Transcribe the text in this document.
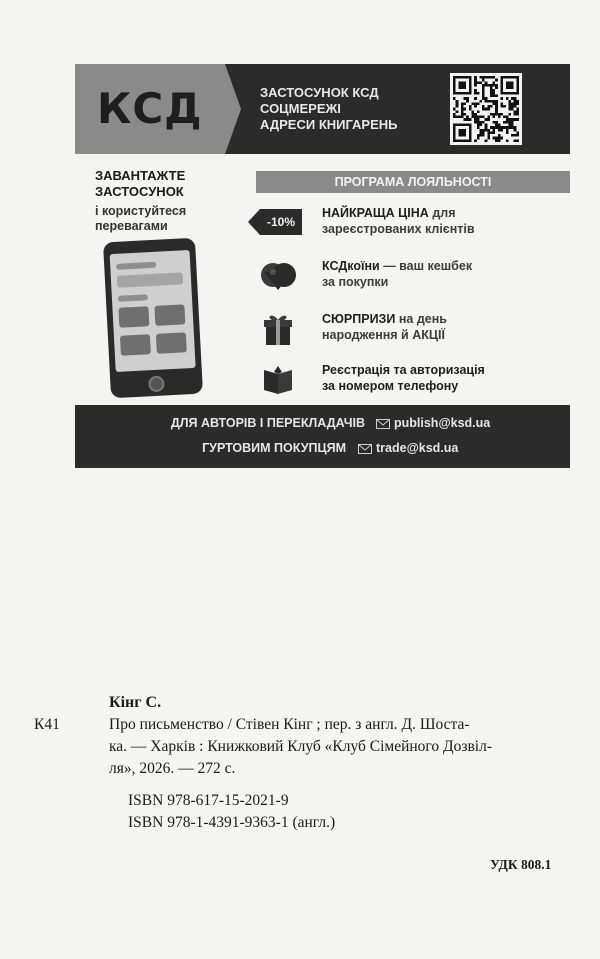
КСД	ЗАСТОСУНОК КСД
СОЦМЕРЕЖІ
АДРЕСИ КНИГАРЕНЬ
ЗАВАНТАЖТЕ
ЗАСТОСУНОК
і користуйтеся
перевагами
ПРОГРАМА ЛОЯЛЬНОСТІ
-10%
НАЙКРАЩА ЦІНА для
зареєстрованих клієнтів
КСДкоїни — ваш кешбек
за покупки
СЮРПРИЗИ на день
народження й АКЦІЇ
Реєстрація та авторизація
за номером телефону
ДЛЯ АВТОРІВ І ПЕРЕКЛАДАЧІВ publish@ksd.ua
ГУРТОВИМ ПОКУПЦЯМ trade@ksd.ua
Кінг С.
К41	Про письменство / Стівен Кінг ; пер. з англ. Д. Шоста-
ка. — Харків : Книжковий Клуб «Клуб Сімейного Дозвіл-
ля», 2026. — 272 с.
ISBN 978-617-15-2021-9
ISBN 978-1-4391-9363-1 (англ.)
УДК 808.1
